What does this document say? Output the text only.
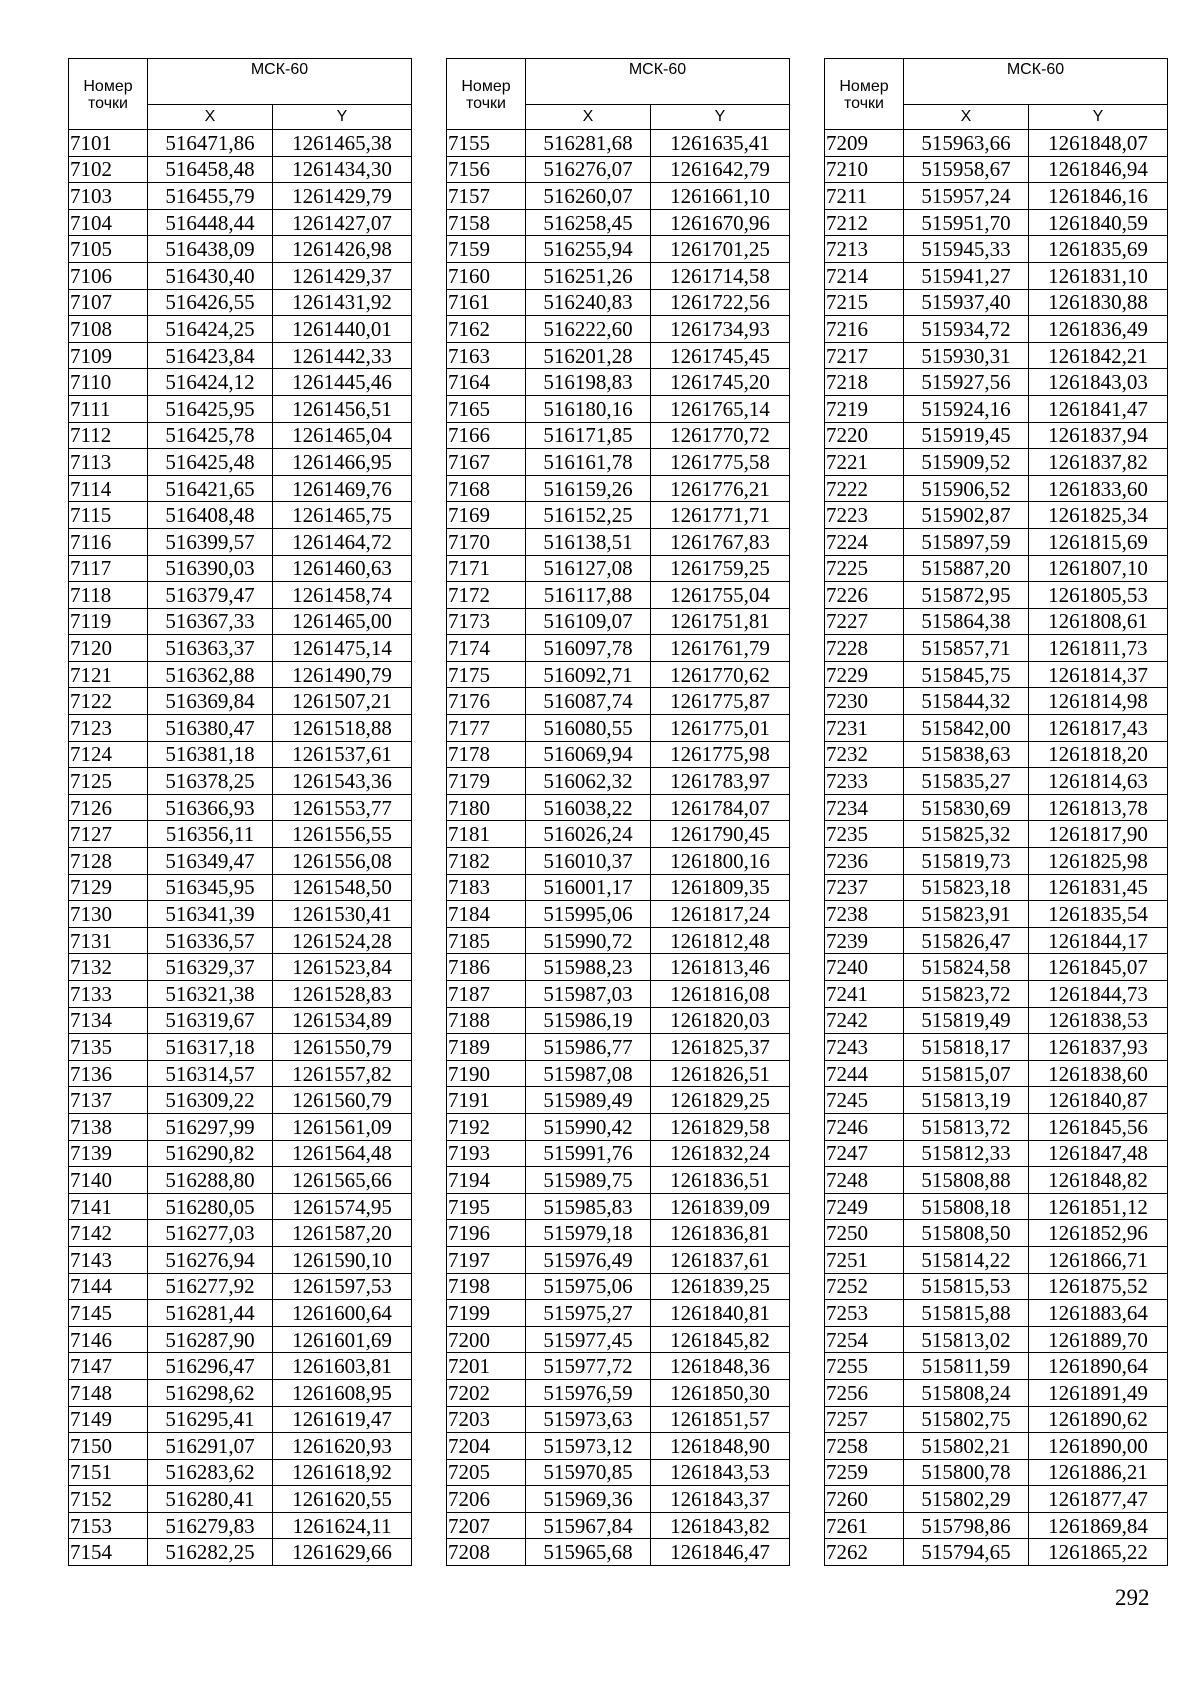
Номер
точки	МСК-60	
	X	Y
7101	516471,86	1261465,38
7102	516458,48	1261434,30
7103	516455,79	1261429,79
7104	516448,44	1261427,07
7105	516438,09	1261426,98
7106	516430,40	1261429,37
7107	516426,55	1261431,92
7108	516424,25	1261440,01
7109	516423,84	1261442,33
7110	516424,12	1261445,46
7111	516425,95	1261456,51
7112	516425,78	1261465,04
7113	516425,48	1261466,95
7114	516421,65	1261469,76
7115	516408,48	1261465,75
7116	516399,57	1261464,72
7117	516390,03	1261460,63
7118	516379,47	1261458,74
7119	516367,33	1261465,00
7120	516363,37	1261475,14
7121	516362,88	1261490,79
7122	516369,84	1261507,21
7123	516380,47	1261518,88
7124	516381,18	1261537,61
7125	516378,25	1261543,36
7126	516366,93	1261553,77
7127	516356,11	1261556,55
7128	516349,47	1261556,08
7129	516345,95	1261548,50
7130	516341,39	1261530,41
7131	516336,57	1261524,28
7132	516329,37	1261523,84
7133	516321,38	1261528,83
7134	516319,67	1261534,89
7135	516317,18	1261550,79
7136	516314,57	1261557,82
7137	516309,22	1261560,79
7138	516297,99	1261561,09
7139	516290,82	1261564,48
7140	516288,80	1261565,66
7141	516280,05	1261574,95
7142	516277,03	1261587,20
7143	516276,94	1261590,10
7144	516277,92	1261597,53
7145	516281,44	1261600,64
7146	516287,90	1261601,69
7147	516296,47	1261603,81
7148	516298,62	1261608,95
7149	516295,41	1261619,47
7150	516291,07	1261620,93
7151	516283,62	1261618,92
7152	516280,41	1261620,55
7153	516279,83	1261624,11
7154	516282,25	1261629,66
Номер
точки	МСК-60	
	X	Y
7155	516281,68	1261635,41
7156	516276,07	1261642,79
7157	516260,07	1261661,10
7158	516258,45	1261670,96
7159	516255,94	1261701,25
7160	516251,26	1261714,58
7161	516240,83	1261722,56
7162	516222,60	1261734,93
7163	516201,28	1261745,45
7164	516198,83	1261745,20
7165	516180,16	1261765,14
7166	516171,85	1261770,72
7167	516161,78	1261775,58
7168	516159,26	1261776,21
7169	516152,25	1261771,71
7170	516138,51	1261767,83
7171	516127,08	1261759,25
7172	516117,88	1261755,04
7173	516109,07	1261751,81
7174	516097,78	1261761,79
7175	516092,71	1261770,62
7176	516087,74	1261775,87
7177	516080,55	1261775,01
7178	516069,94	1261775,98
7179	516062,32	1261783,97
7180	516038,22	1261784,07
7181	516026,24	1261790,45
7182	516010,37	1261800,16
7183	516001,17	1261809,35
7184	515995,06	1261817,24
7185	515990,72	1261812,48
7186	515988,23	1261813,46
7187	515987,03	1261816,08
7188	515986,19	1261820,03
7189	515986,77	1261825,37
7190	515987,08	1261826,51
7191	515989,49	1261829,25
7192	515990,42	1261829,58
7193	515991,76	1261832,24
7194	515989,75	1261836,51
7195	515985,83	1261839,09
7196	515979,18	1261836,81
7197	515976,49	1261837,61
7198	515975,06	1261839,25
7199	515975,27	1261840,81
7200	515977,45	1261845,82
7201	515977,72	1261848,36
7202	515976,59	1261850,30
7203	515973,63	1261851,57
7204	515973,12	1261848,90
7205	515970,85	1261843,53
7206	515969,36	1261843,37
7207	515967,84	1261843,82
7208	515965,68	1261846,47
Номер
точки	МСК-60	
	X	Y
7209	515963,66	1261848,07
7210	515958,67	1261846,94
7211	515957,24	1261846,16
7212	515951,70	1261840,59
7213	515945,33	1261835,69
7214	515941,27	1261831,10
7215	515937,40	1261830,88
7216	515934,72	1261836,49
7217	515930,31	1261842,21
7218	515927,56	1261843,03
7219	515924,16	1261841,47
7220	515919,45	1261837,94
7221	515909,52	1261837,82
7222	515906,52	1261833,60
7223	515902,87	1261825,34
7224	515897,59	1261815,69
7225	515887,20	1261807,10
7226	515872,95	1261805,53
7227	515864,38	1261808,61
7228	515857,71	1261811,73
7229	515845,75	1261814,37
7230	515844,32	1261814,98
7231	515842,00	1261817,43
7232	515838,63	1261818,20
7233	515835,27	1261814,63
7234	515830,69	1261813,78
7235	515825,32	1261817,90
7236	515819,73	1261825,98
7237	515823,18	1261831,45
7238	515823,91	1261835,54
7239	515826,47	1261844,17
7240	515824,58	1261845,07
7241	515823,72	1261844,73
7242	515819,49	1261838,53
7243	515818,17	1261837,93
7244	515815,07	1261838,60
7245	515813,19	1261840,87
7246	515813,72	1261845,56
7247	515812,33	1261847,48
7248	515808,88	1261848,82
7249	515808,18	1261851,12
7250	515808,50	1261852,96
7251	515814,22	1261866,71
7252	515815,53	1261875,52
7253	515815,88	1261883,64
7254	515813,02	1261889,70
7255	515811,59	1261890,64
7256	515808,24	1261891,49
7257	515802,75	1261890,62
7258	515802,21	1261890,00
7259	515800,78	1261886,21
7260	515802,29	1261877,47
7261	515798,86	1261869,84
7262	515794,65	1261865,22
292
